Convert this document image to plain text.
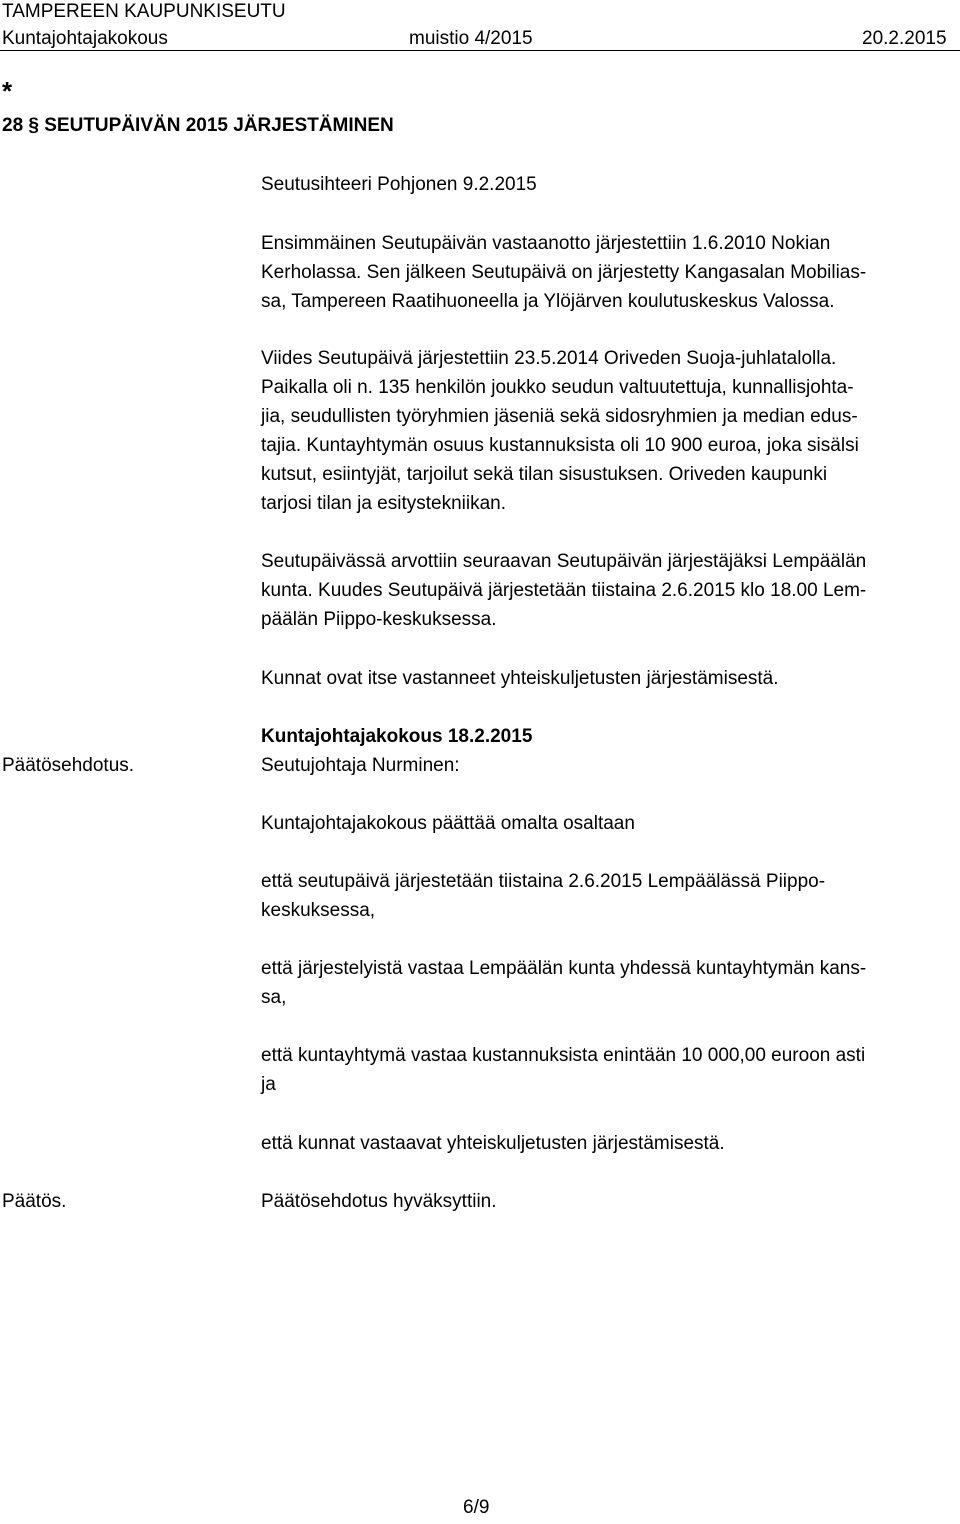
TAMPEREEN KAUPUNKISEUTU
Kuntajohtajakokous	muistio 4/2015	20.2.2015
*
28 § SEUTUPÄIVÄN 2015 JÄRJESTÄMINEN
Seutusihteeri Pohjonen 9.2.2015
Ensimmäinen Seutupäivän vastaanotto järjestettiin 1.6.2010 Nokian
Kerholassa. Sen jälkeen Seutupäivä on järjestetty Kangasalan Mobilias-
sa, Tampereen Raatihuoneella ja Ylöjärven koulutuskeskus Valossa.
Viides Seutupäivä järjestettiin 23.5.2014 Oriveden Suoja-juhlatalolla.
Paikalla oli n. 135 henkilön joukko seudun valtuutettuja, kunnallisjohta-
jia, seudullisten työryhmien jäseniä sekä sidosryhmien ja median edus-
tajia. Kuntayhtymän osuus kustannuksista oli 10 900 euroa, joka sisälsi
kutsut, esiintyjät, tarjoilut sekä tilan sisustuksen. Oriveden kaupunki
tarjosi tilan ja esitystekniikan.
Seutupäivässä arvottiin seuraavan Seutupäivän järjestäjäksi Lempäälän
kunta. Kuudes Seutupäivä järjestetään tiistaina 2.6.2015 klo 18.00 Lem-
päälän Piippo-keskuksessa.
Kunnat ovat itse vastanneet yhteiskuljetusten järjestämisestä.
Kuntajohtajakokous 18.2.2015
Päätösehdotus.	Seutujohtaja Nurminen:
Kuntajohtajakokous päättää omalta osaltaan
että seutupäivä järjestetään tiistaina 2.6.2015 Lempäälässä Piippo-
keskuksessa,
että järjestelyistä vastaa Lempäälän kunta yhdessä kuntayhtymän kans-
sa,
että kuntayhtymä vastaa kustannuksista enintään 10 000,00 euroon asti
ja
että kunnat vastaavat yhteiskuljetusten järjestämisestä.
Päätös.	Päätösehdotus hyväksyttiin.
6/9
